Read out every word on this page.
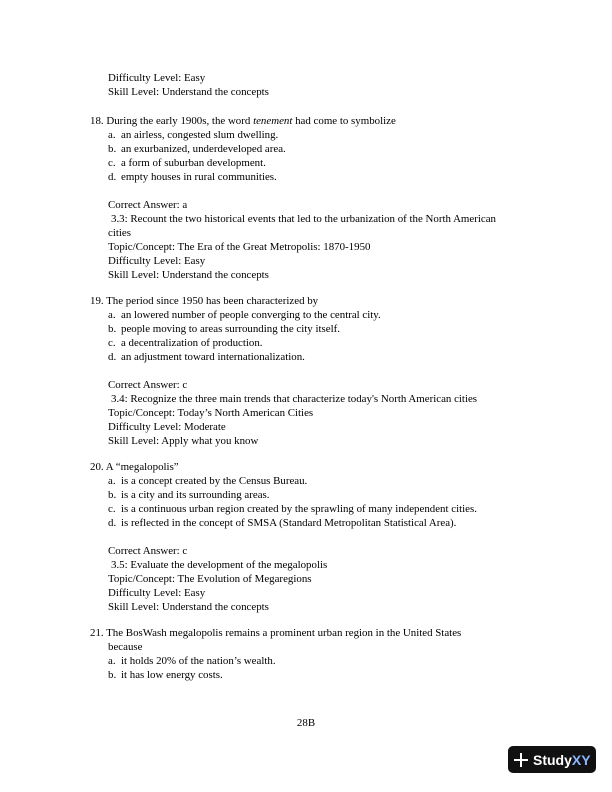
Difficulty Level: Easy
Skill Level: Understand the concepts
18. During the early 1900s, the word tenement had come to symbolize
a. an airless, congested slum dwelling.
b. an exurbanized, underdeveloped area.
c. a form of suburban development.
d. empty houses in rural communities.
Correct Answer: a
3.3: Recount the two historical events that led to the urbanization of the North American
cities
Topic/Concept: The Era of the Great Metropolis: 1870-1950
Difficulty Level: Easy
Skill Level: Understand the concepts
19. The period since 1950 has been characterized by
a. an lowered number of people converging to the central city.
b. people moving to areas surrounding the city itself.
c. a decentralization of production.
d. an adjustment toward internationalization.
Correct Answer: c
3.4: Recognize the three main trends that characterize today's North American cities
Topic/Concept: Today’s North American Cities
Difficulty Level: Moderate
Skill Level: Apply what you know
20. A “megalopolis”
a. is a concept created by the Census Bureau.
b. is a city and its surrounding areas.
c. is a continuous urban region created by the sprawling of many independent cities.
d. is reflected in the concept of SMSA (Standard Metropolitan Statistical Area).
Correct Answer: c
3.5: Evaluate the development of the megalopolis
Topic/Concept: The Evolution of Megaregions
Difficulty Level: Easy
Skill Level: Understand the concepts
21. The BosWash megalopolis remains a prominent urban region in the United States
because
a. it holds 20% of the nation’s wealth.
b. it has low energy costs.
28B
StudyXY
